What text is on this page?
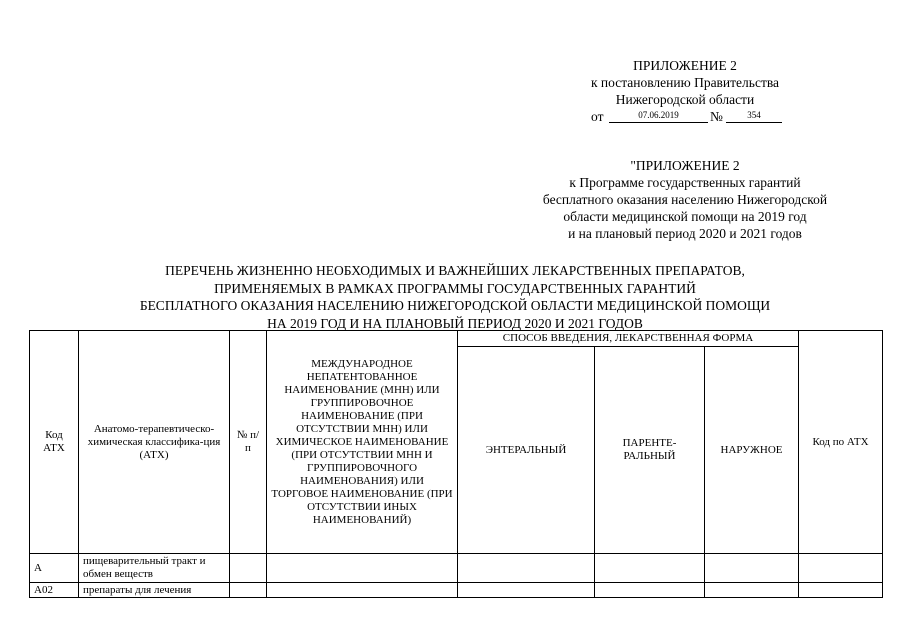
ПРИЛОЖЕНИЕ 2
к постановлению Правительства
Нижегородской области
от	07.06.2019	№	354
"ПРИЛОЖЕНИЕ 2
к Программе государственных гарантий
бесплатного оказания населению Нижегородской
области медицинской помощи на 2019 год
и на плановый период 2020 и 2021 годов
ПЕРЕЧЕНЬ ЖИЗНЕННО НЕОБХОДИМЫХ И ВАЖНЕЙШИХ ЛЕКАРСТВЕННЫХ ПРЕПАРАТОВ,
ПРИМЕНЯЕМЫХ В РАМКАХ ПРОГРАММЫ ГОСУДАРСТВЕННЫХ ГАРАНТИЙ
БЕСПЛАТНОГО ОКАЗАНИЯ НАСЕЛЕНИЮ НИЖЕГОРОДСКОЙ ОБЛАСТИ МЕДИЦИНСКОЙ ПОМОЩИ
НА 2019 ГОД И НА ПЛАНОВЫЙ ПЕРИОД 2020 И 2021 ГОДОВ
Код АТХ	Анатомо-терапевтическо-химическая классифика-ция (АТХ)	№ п/п	МЕЖДУНАРОДНОЕ НЕПАТЕНТОВАННОЕ НАИМЕНОВАНИЕ (МНН) ИЛИ ГРУППИРОВОЧНОЕ НАИМЕНОВАНИЕ (ПРИ ОТСУТСТВИИ МНН) ИЛИ ХИМИЧЕСКОЕ НАИМЕНОВАНИЕ (ПРИ ОТСУТСТВИИ МНН И ГРУППИРОВОЧНОГО НАИМЕНОВАНИЯ) ИЛИ ТОРГОВОЕ НАИМЕНОВАНИЕ (ПРИ ОТСУТСТВИИ ИНЫХ НАИМЕНОВАНИЙ)	СПОСОБ ВВЕДЕНИЯ, ЛЕКАРСТВЕННАЯ ФОРМА			Код по АТХ
				ЭНТЕРАЛЬНЫЙ	ПАРЕНТЕ-РАЛЬНЫЙ	НАРУЖНОЕ	
A	пищеварительный тракт и обмен веществ						
A02	препараты для лечения						
